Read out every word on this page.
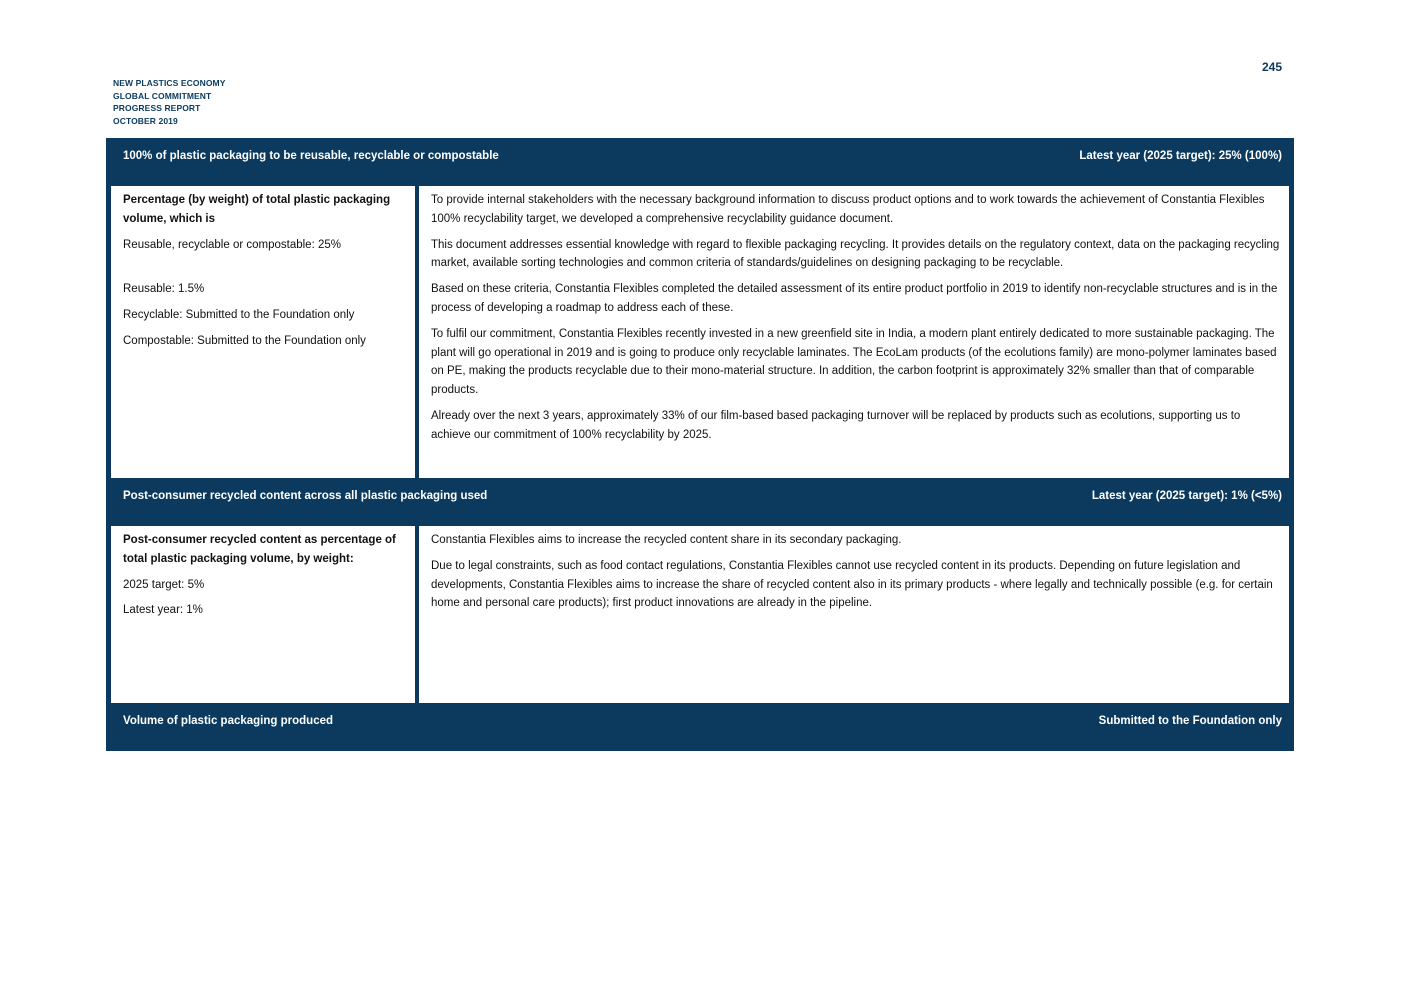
NEW PLASTICS ECONOMY
GLOBAL COMMITMENT
PROGRESS REPORT
OCTOBER 2019
245
100% of plastic packaging to be reusable, recyclable or compostable	Latest year (2025 target): 25% (100%)

Percentage (by weight) of total plastic packaging volume, which is

Reusable, recyclable or compostable: 25%

Reusable: 1.5%

Recyclable: Submitted to the Foundation only

Compostable: Submitted to the Foundation only

To provide internal stakeholders with the necessary background information to discuss product options and to work towards the achievement of Constantia Flexibles 100% recyclability target, we developed a comprehensive recyclability guidance document.

This document addresses essential knowledge with regard to flexible packaging recycling. It provides details on the regulatory context, data on the packaging recycling market, available sorting technologies and common criteria of standards/guidelines on designing packaging to be recyclable.

Based on these criteria, Constantia Flexibles completed the detailed assessment of its entire product portfolio in 2019 to identify non-recyclable structures and is in the process of developing a roadmap to address each of these.

To fulfil our commitment, Constantia Flexibles recently invested in a new greenfield site in India, a modern plant entirely dedicated to more sustainable packaging. The plant will go operational in 2019 and is going to produce only recyclable laminates. The EcoLam products (of the ecolutions family) are mono-polymer laminates based on PE, making the products recyclable due to their mono-material structure. In addition, the carbon footprint is approximately 32% smaller than that of comparable products.

Already over the next 3 years, approximately 33% of our film-based based packaging turnover will be replaced by products such as ecolutions, supporting us to achieve our commitment of 100% recyclability by 2025.

Post-consumer recycled content across all plastic packaging used	Latest year (2025 target): 1% (<5%)

Post-consumer recycled content as percentage of total plastic packaging volume, by weight:

2025 target: 5%

Latest year: 1%

Constantia Flexibles aims to increase the recycled content share in its secondary packaging.

Due to legal constraints, such as food contact regulations, Constantia Flexibles cannot use recycled content in its products. Depending on future legislation and developments, Constantia Flexibles aims to increase the share of recycled content also in its primary products - where legally and technically possible (e.g. for certain home and personal care products); first product innovations are already in the pipeline.

Volume of plastic packaging produced	Submitted to the Foundation only
